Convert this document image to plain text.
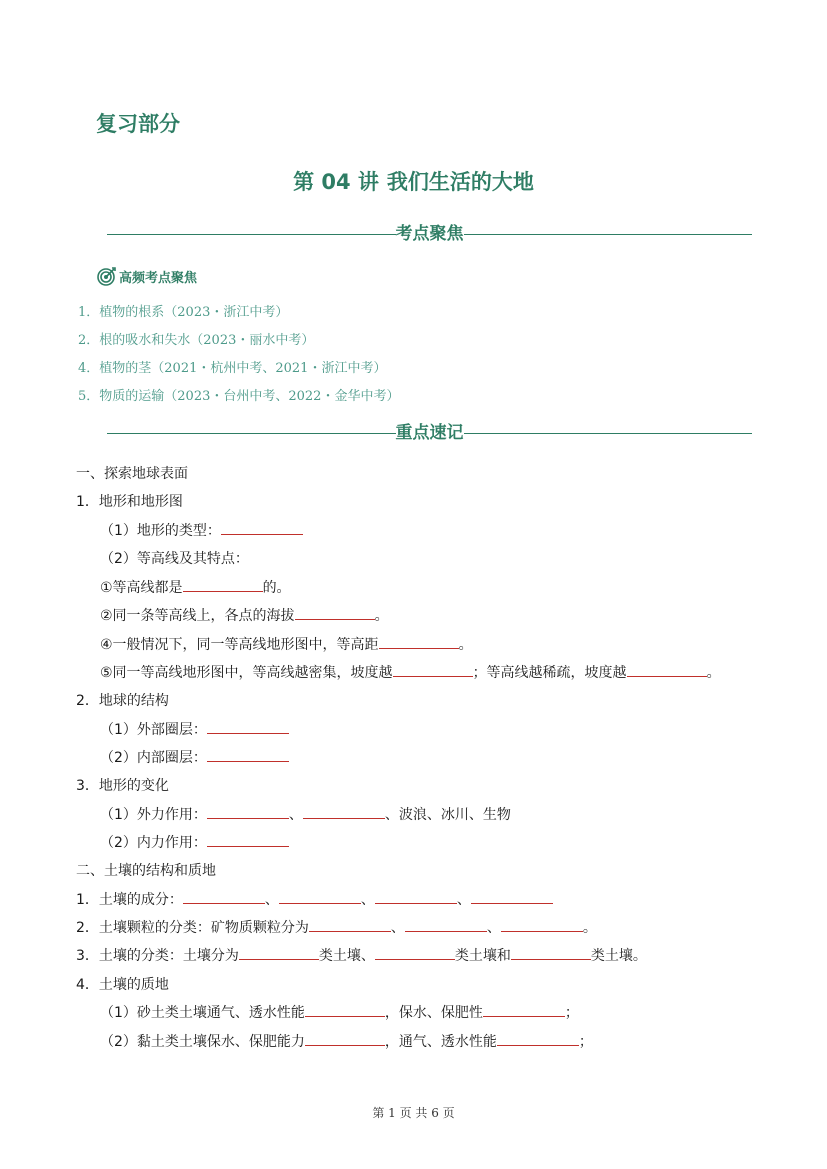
复习部分
第 04 讲 我们生活的大地
考点聚焦
高频考点聚焦
1．植物的根系（2023・浙江中考）
2．根的吸水和失水（2023・丽水中考）
4．植物的茎（2021・杭州中考、2021・浙江中考）
5．物质的运输（2023・台州中考、2022・金华中考）
重点速记
一、探索地球表面
1．地形和地形图
（1）地形的类型：
（2）等高线及其特点：
①等高线都是	的。
②同一条等高线上，各点的海拔	。
④一般情况下，同一等高线地形图中，等高距	。
⑤同一等高线地形图中，等高线越密集，坡度越	；等高线越稀疏，坡度越	。
2．地球的结构
（1）外部圈层：
（2）内部圈层：
3．地形的变化
（1）外力作用：	、	、波浪、冰川、生物
（2）内力作用：
二、土壤的结构和质地
1．土壤的成分：	、	、	、
2．土壤颗粒的分类：矿物质颗粒分为	、	、	。
3．土壤的分类：土壤分为	类土壤、	类土壤和	类土壤。
4．土壤的质地
（1）砂土类土壤通气、透水性能	，保水、保肥性	；
（2）黏土类土壤保水、保肥能力	，通气、透水性能	；
第 1 页 共 6 页
